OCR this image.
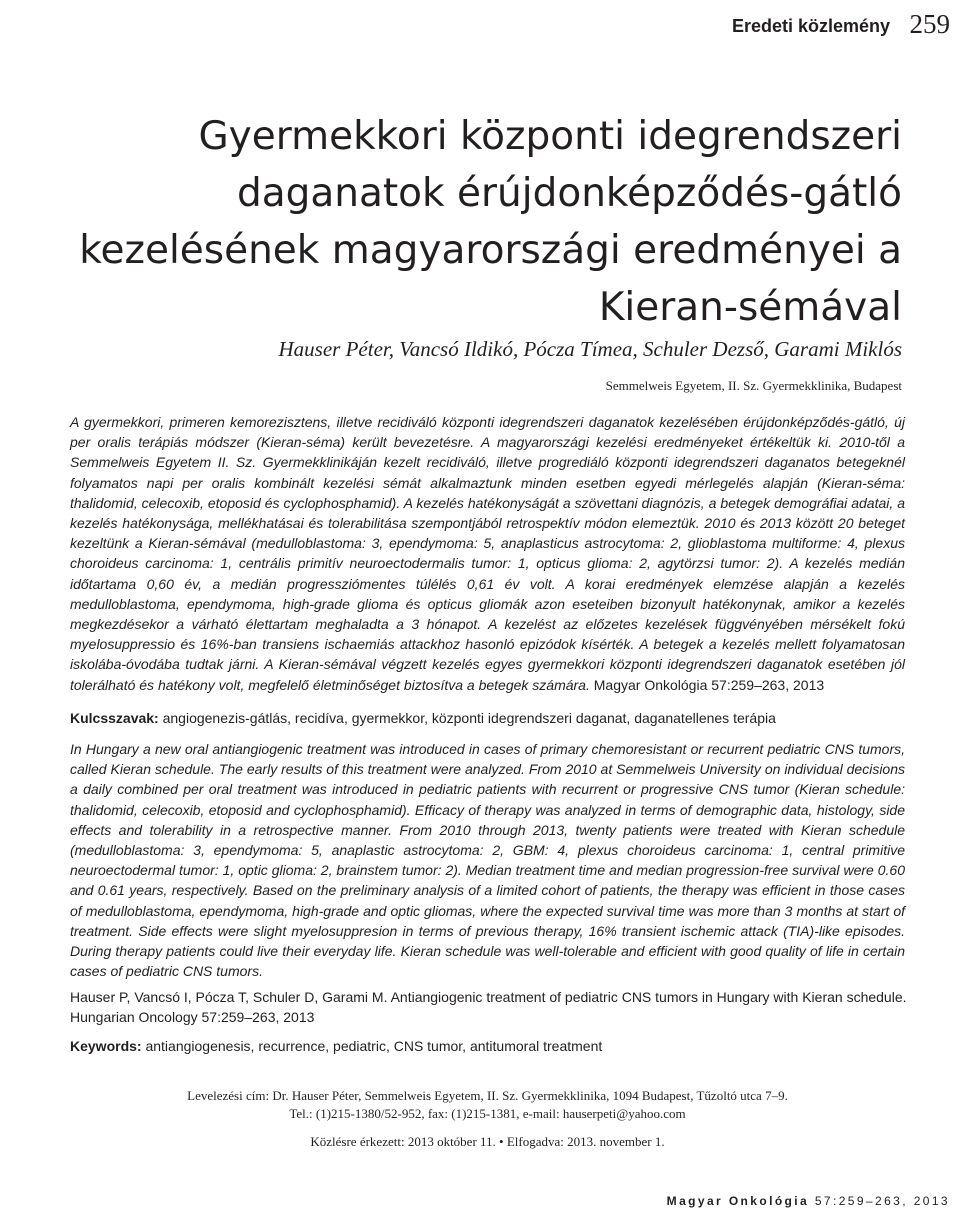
Eredeti közlemény 259
Gyermekkori központi idegrendszeri daganatok érújdonképződés-gátló kezelésének magyarországi eredményei a Kieran-sémával
Hauser Péter, Vancsó Ildikó, Pócza Tímea, Schuler Dezső, Garami Miklós
Semmelweis Egyetem, II. Sz. Gyermekklinika, Budapest

A gyermekkori, primeren kemorezisztens, illetve recidiváló központi idegrendszeri daganatok kezelésében érújdonképződés-gátló, új per oralis terápiás módszer (Kieran-séma) került bevezetésre. A magyarországi kezelési eredményeket értékeltük ki. 2010-től a Semmelweis Egyetem II. Sz. Gyermekklinikáján kezelt recidiváló, illetve progrediáló központi idegrendszeri daganatos betegeknél folyamatos napi per oralis kombinált kezelési sémát alkalmaztunk minden esetben egyedi mérlegelés alapján (Kieran-séma: thalidomid, celecoxib, etoposid és cyclophosphamid). A kezelés hatékonyságát a szövettani diagnózis, a betegek demográfiai adatai, a kezelés hatékonysága, mellékhatásai és tolerabilitása szempontjából retrospektív módon elemeztük. 2010 és 2013 között 20 beteget kezeltünk a Kieran-sémával (medulloblastoma: 3, ependymoma: 5, anaplasticus astrocytoma: 2, glioblastoma multiforme: 4, plexus choroideus carcinoma: 1, centrális primitív neuroectodermalis tumor: 1, opticus glioma: 2, agytörzsi tumor: 2). A kezelés medián időtartama 0,60 év, a medián progressziómentes túlélés 0,61 év volt. A korai eredmények elemzése alapján a kezelés medulloblastoma, ependymoma, high-grade glioma és opticus gliomák azon eseteiben bizonyult hatékonynak, amikor a kezelés megkezdésekor a várható élettartam meghaladta a 3 hónapot. A kezelést az előzetes kezelések függvényében mérsékelt fokú myelosuppressio és 16%-ban transiens ischaemiás attackhoz hasonló epizódok kísérték. A betegek a kezelés mellett folyamatosan iskolába-óvodába tudtak járni. A Kieran-sémával végzett kezelés egyes gyermekkori központi idegrendszeri daganatok esetében jól tolerálható és hatékony volt, megfelelő életminőséget biztosítva a betegek számára. Magyar Onkológia 57:259–263, 2013

Kulcsszavak: angiogenezis-gátlás, recidíva, gyermekkor, központi idegrendszeri daganat, daganatellenes terápia

In Hungary a new oral antiangiogenic treatment was introduced in cases of primary chemoresistant or recurrent pediatric CNS tumors, called Kieran schedule. The early results of this treatment were analyzed. From 2010 at Semmelweis University on individual decisions a daily combined per oral treatment was introduced in pediatric patients with recurrent or progressive CNS tumor (Kieran schedule: thalidomid, celecoxib, etoposid and cyclophosphamid). Efficacy of therapy was analyzed in terms of demographic data, histology, side effects and tolerability in a retrospective manner. From 2010 through 2013, twenty patients were treated with Kieran schedule (medulloblastoma: 3, ependymoma: 5, anaplastic astrocytoma: 2, GBM: 4, plexus choroideus carcinoma: 1, central primitive neuroectodermal tumor: 1, optic glioma: 2, brainstem tumor: 2). Median treatment time and median progression-free survival were 0.60 and 0.61 years, respectively. Based on the preliminary analysis of a limited cohort of patients, the therapy was efficient in those cases of medulloblastoma, ependymoma, high-grade and optic gliomas, where the expected survival time was more than 3 months at start of treatment. Side effects were slight myelosuppresion in terms of previous therapy, 16% transient ischemic attack (TIA)-like episodes. During therapy patients could live their everyday life. Kieran schedule was well-tolerable and efficient with good quality of life in certain cases of pediatric CNS tumors.

Hauser P, Vancsó I, Pócza T, Schuler D, Garami M. Antiangiogenic treatment of pediatric CNS tumors in Hungary with Kieran schedule. Hungarian Oncology 57:259–263, 2013
Keywords: antiangiogenesis, recurrence, pediatric, CNS tumor, antitumoral treatment
Levelezési cím: Dr. Hauser Péter, Semmelweis Egyetem, II. Sz. Gyermekklinika, 1094 Budapest, Tűzoltó utca 7–9.
Tel.: (1)215-1380/52-952, fax: (1)215-1381, e-mail: hauserpeti@yahoo.com
Közlésre érkezett: 2013 október 11. • Elfogadva: 2013. november 1.
Magyar Onkológia 57:259–263, 2013
